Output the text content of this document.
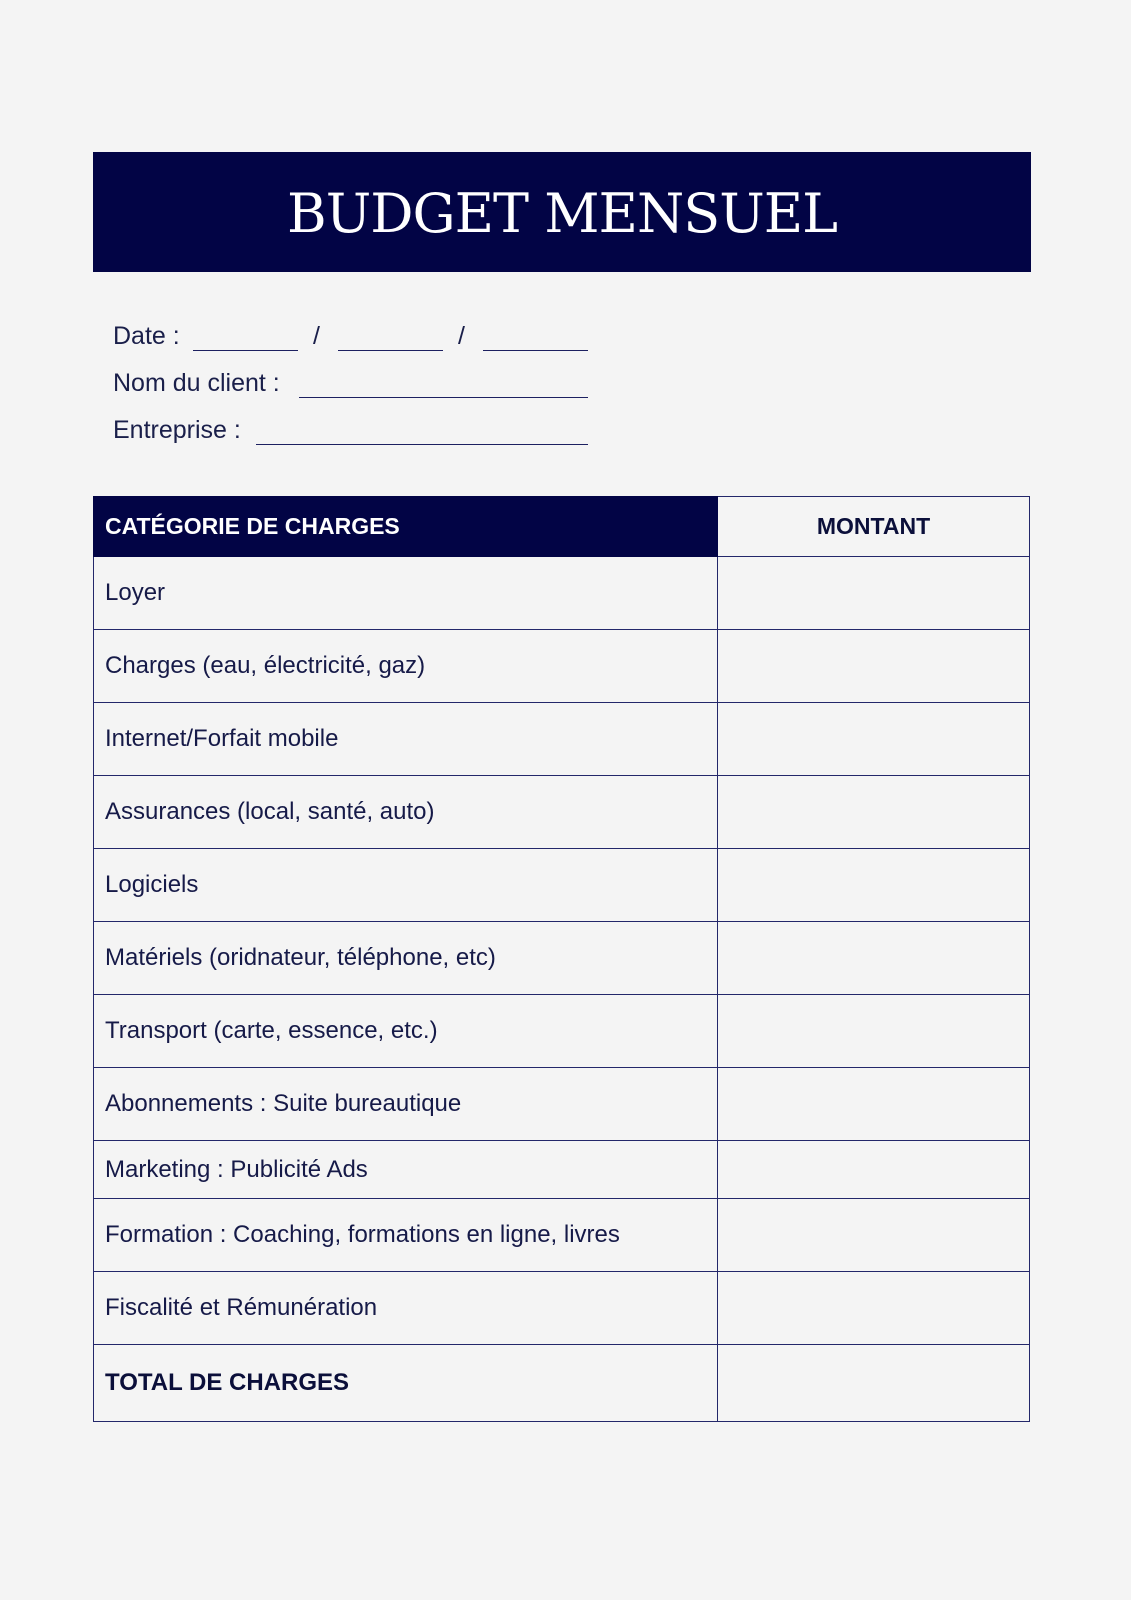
BUDGET MENSUEL
Date :	/	/
Nom du client :
Entreprise :
CATÉGORIE DE CHARGES	MONTANT
Loyer	
Charges (eau, électricité, gaz)	
Internet/Forfait mobile	
Assurances (local, santé, auto)	
Logiciels	
Matériels (oridnateur, téléphone, etc)	
Transport (carte, essence, etc.)	
Abonnements : Suite bureautique	
Marketing : Publicité Ads	
Formation : Coaching, formations en ligne, livres	
Fiscalité et Rémunération	
TOTAL DE CHARGES	
